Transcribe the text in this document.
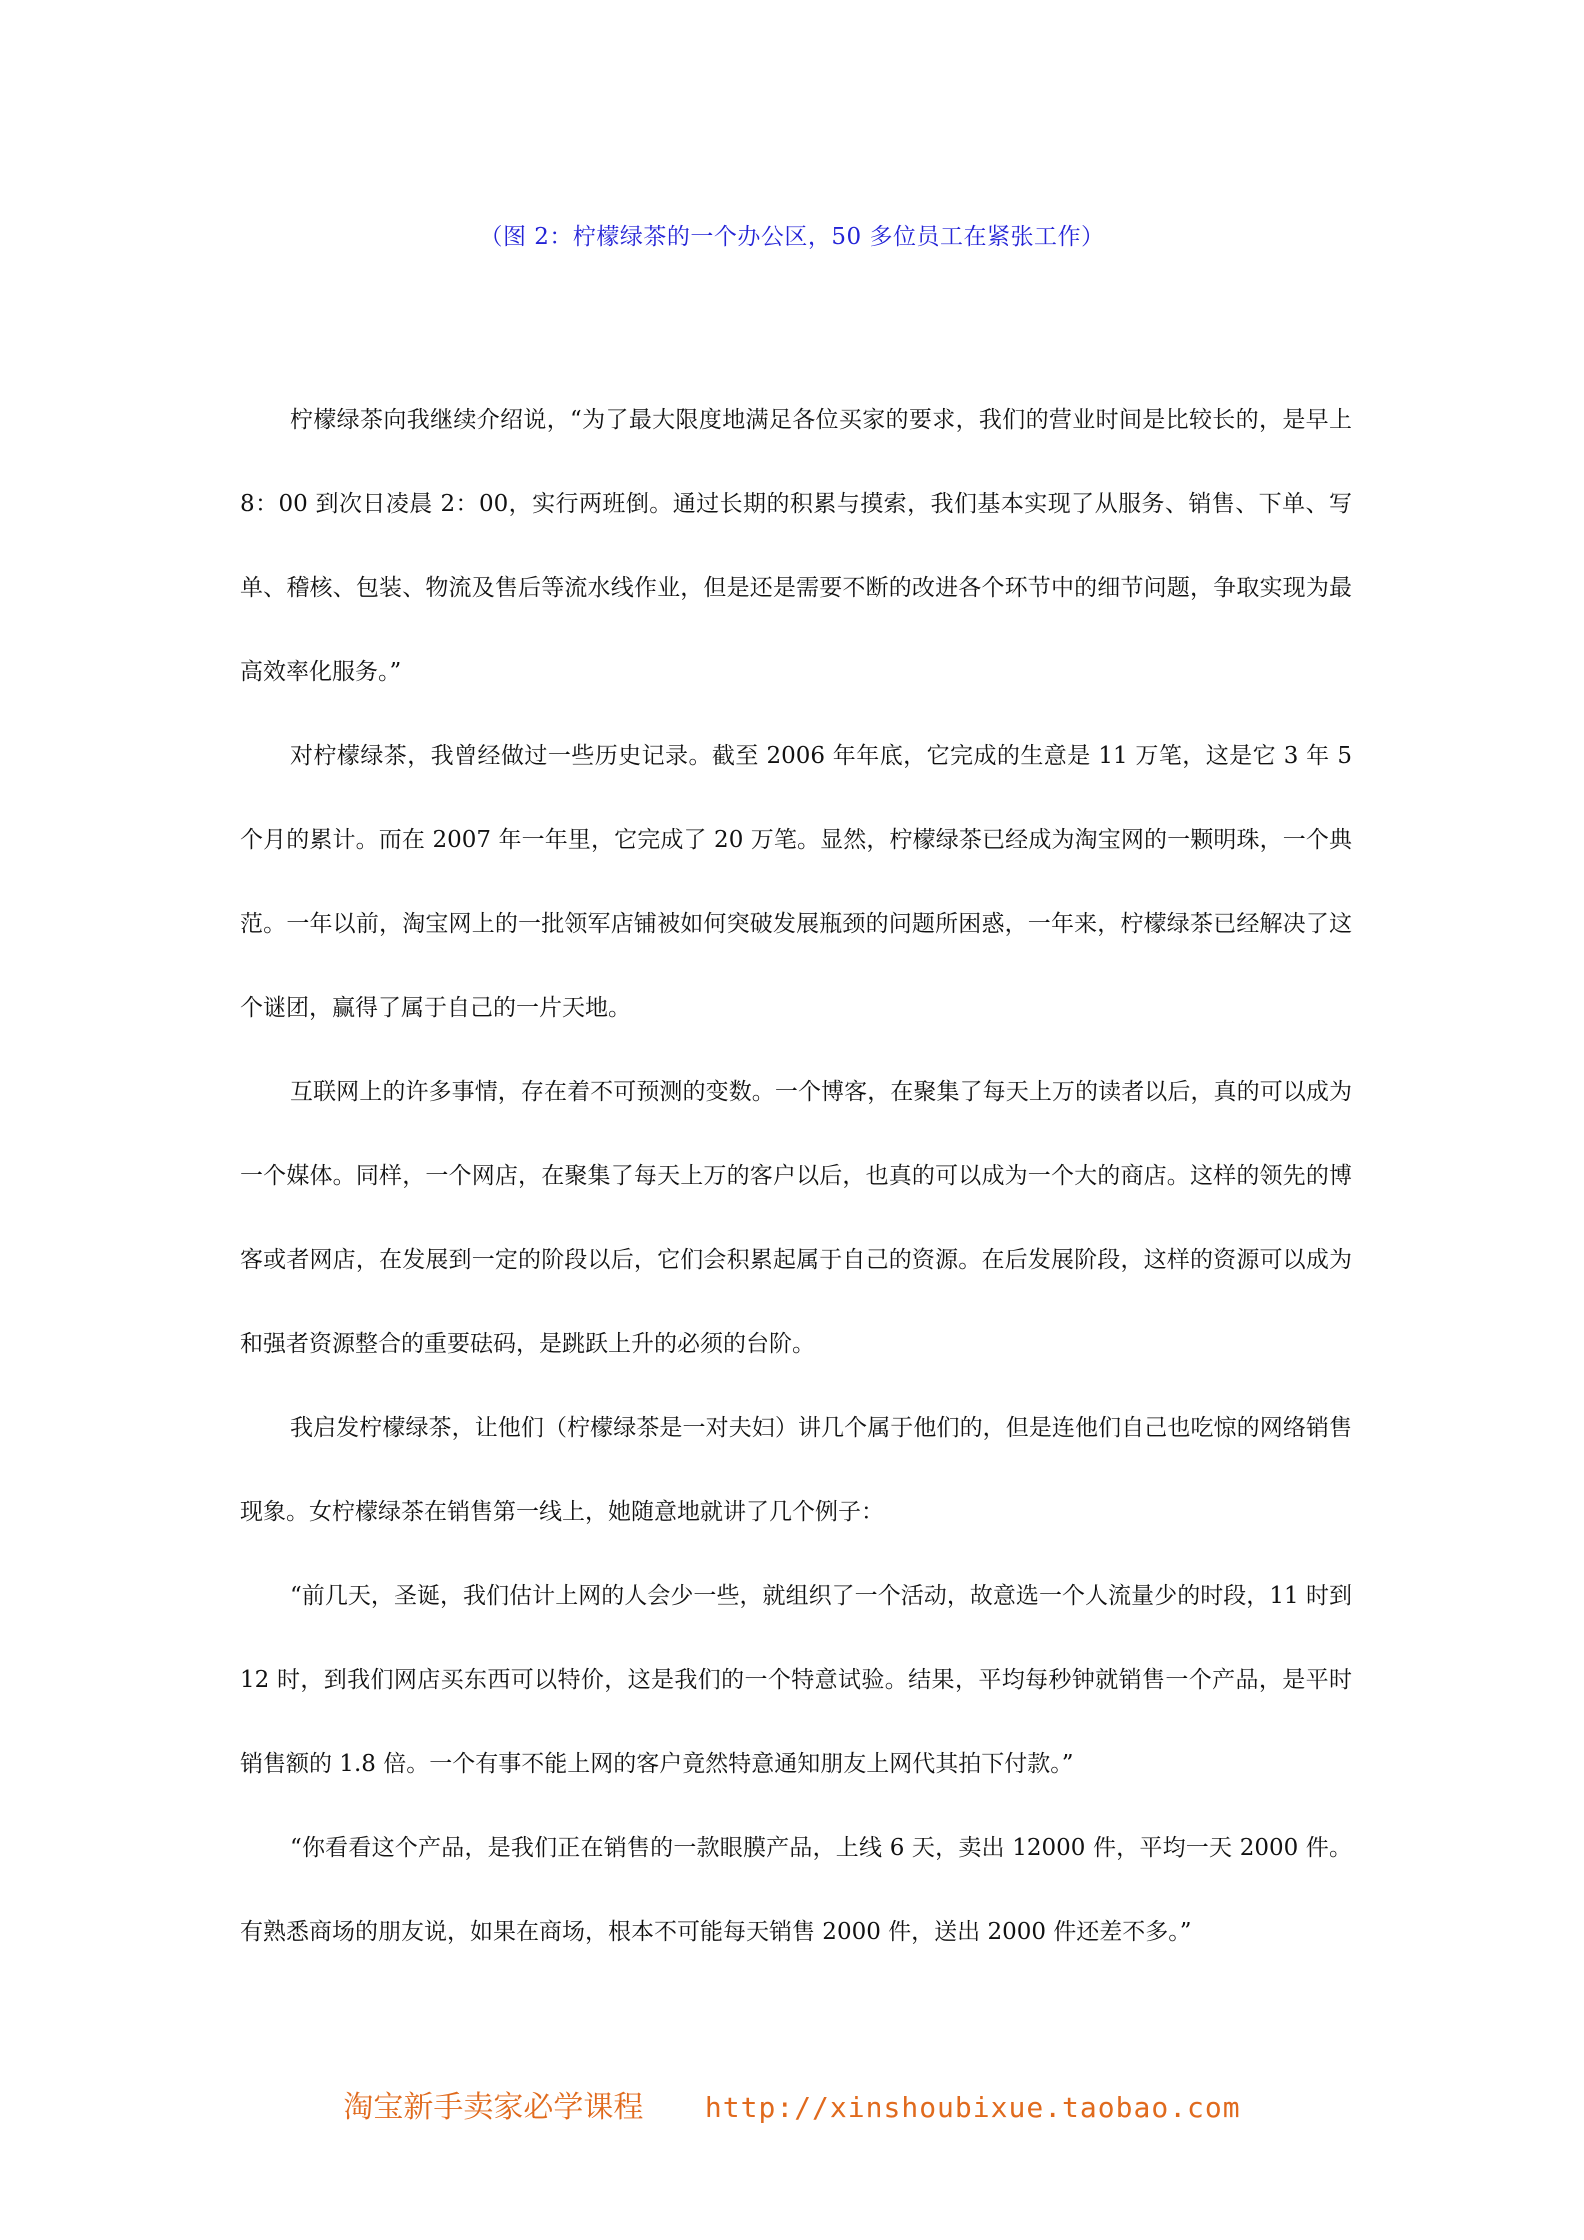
（图 2：柠檬绿茶的一个办公区，50 多位员工在紧张工作）

柠檬绿茶向我继续介绍说，“为了最大限度地满足各位买家的要求，我们的营业时间是比较长的，是早上 8：00 到次日凌晨 2：00，实行两班倒。通过长期的积累与摸索，我们基本实现了从服务、销售、下单、写单、稽核、包装、物流及售后等流水线作业，但是还是需要不断的改进各个环节中的细节问题，争取实现为最高效率化服务。”

对柠檬绿茶，我曾经做过一些历史记录。截至 2006 年年底，它完成的生意是 11 万笔，这是它 3 年 5 个月的累计。而在 2007 年一年里，它完成了 20 万笔。显然，柠檬绿茶已经成为淘宝网的一颗明珠，一个典范。一年以前，淘宝网上的一批领军店铺被如何突破发展瓶颈的问题所困惑，一年来，柠檬绿茶已经解决了这个谜团，赢得了属于自己的一片天地。

互联网上的许多事情，存在着不可预测的变数。一个博客，在聚集了每天上万的读者以后，真的可以成为一个媒体。同样，一个网店，在聚集了每天上万的客户以后，也真的可以成为一个大的商店。这样的领先的博客或者网店，在发展到一定的阶段以后，它们会积累起属于自己的资源。在后发展阶段，这样的资源可以成为和强者资源整合的重要砝码，是跳跃上升的必须的台阶。

我启发柠檬绿茶，让他们（柠檬绿茶是一对夫妇）讲几个属于他们的，但是连他们自己也吃惊的网络销售现象。女柠檬绿茶在销售第一线上，她随意地就讲了几个例子：

“前几天，圣诞，我们估计上网的人会少一些，就组织了一个活动，故意选一个人流量少的时段，11 时到 12 时，到我们网店买东西可以特价，这是我们的一个特意试验。结果，平均每秒钟就销售一个产品，是平时销售额的 1.8 倍。一个有事不能上网的客户竟然特意通知朋友上网代其拍下付款。”

“你看看这个产品，是我们正在销售的一款眼膜产品，上线 6 天，卖出 12000 件，平均一天 2000 件。有熟悉商场的朋友说，如果在商场，根本不可能每天销售 2000 件，送出 2000 件还差不多。”

淘宝新手卖家必学课程 http://xinshoubixue.taobao.com
